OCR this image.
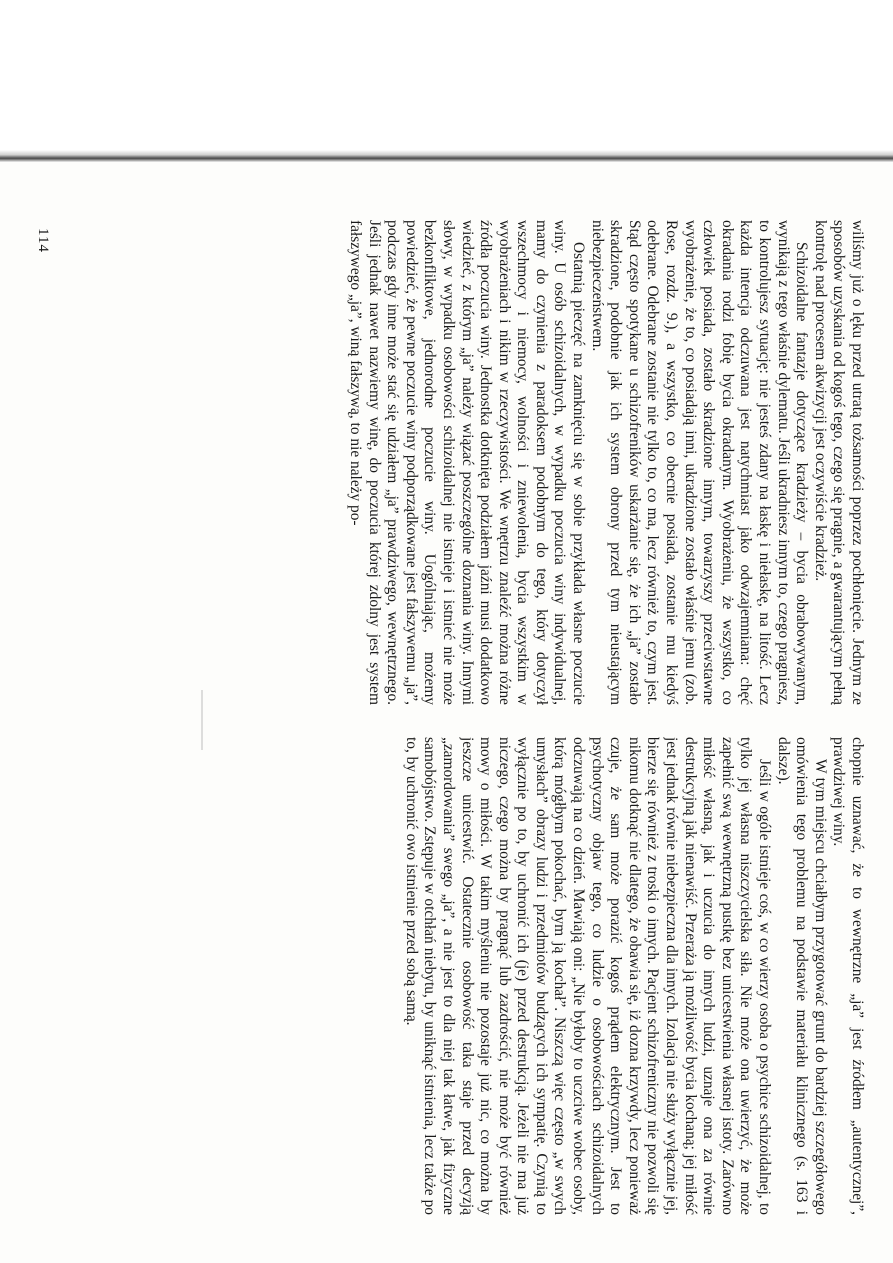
wiliśmy już o lęku przed utratą tożsamości poprzez pochłonięcie. Jednym ze sposobów uzyskania od kogoś tego, czego się pragnie, a gwarantującym pełną kontrolę nad procesem akwizycji jest oczywiście kradzież.

Schizoidalne fantazje dotyczące kradzieży – bycia obrabowywanym, wynikają z tego właśnie dylematu. Jeśli ukradniesz innym to, czego pragniesz, to kontrolujesz sytuację: nie jesteś zdany na łaskę i niełaskę, na litość. Lecz każda intencja odczuwana jest natychmiast jako odwzajemniana: chęć okradania rodzi fobię bycia okradanym. Wyobrażeniu, że wszystko, co człowiek posiada, zostało skradzione innym, towarzyszy przeciwstawne wyobrażenie, że to, co posiadają inni, ukradzione zostało właśnie jemu (zob. Rose, rozdz. 9.), a wszystko, co obecnie posiada, zostanie mu kiedyś odebrane. Odebrane zostanie nie tylko to, co ma, lecz również to, czym jest. Stąd często spotykane u schizofreników uskarżanie się, że ich „ja” zostało skradzione, podobnie jak ich system obrony przed tym nieustającym niebezpieczeństwem.

Ostatnią pieczęć na zamknięciu się w sobie przykłada własne poczucie winy. U osób schizoidalnych, w wypadku poczucia winy indywidualnej, mamy do czynienia z paradoksem podobnym do tego, który dotyczył wszechmocy i niemocy, wolności i zniewolenia, bycia wszystkim w wyobrażeniach i nikim w rzeczywistości. We wnętrzu znaleźć można różne źródła poczucia winy. Jednostka dotknięta podziałem jaźni musi dodatkowo wiedzieć, z którym „ja” należy wiązać poszczególne doznania winy. Innymi słowy, w wypadku osobowości schizoidalnej nie istnieje i istnieć nie może bezkonfliktowe, jednorodne poczucie winy. Uogólniając, możemy powiedzieć, że pewne poczucie winy podporządkowane jest fałszywemu „ja”, podczas gdy inne może stać się udziałem „ja” prawdziwego, wewnętrznego. Jeśli jednak nawet nazwiemy winę, do poczucia której zdolny jest system fałszywego „ja”, winą fałszywą, to nie należy po-

chopnie uznawać, że to wewnętrzne „ja” jest źródłem „autentycznej”, prawdziwej winy.

W tym miejscu chciałbym przygotować grunt do bardziej szczegółowego omówienia tego problemu na podstawie materiału klinicznego (s. 163 i dalsze).

Jeśli w ogóle istnieje coś, w co wierzy osoba o psychice schizoidalnej, to tylko jej własna niszczycielska siła. Nie może ona uwierzyć, że może zapełnić swą wewnętrzną pustkę bez unicestwienia własnej istoty. Zarówno miłość własną, jak i uczucia do innych ludzi, uznaje ona za równie destrukcyjną jak nienawiść. Przeraża ją możliwość bycia kochaną; jej miłość jest jednak równie niebezpieczna dla innych. Izolacja nie służy wyłącznie jej, bierze się również z troski o innych. Pacjent schizofreniczny nie pozwoli się nikomu dotknąć nie dlatego, że obawia się, iż dozna krzywdy, lecz ponieważ czuje, że sam może porazić kogoś prądem elektrycznym. Jest to psychotyczny objaw tego, co ludzie o osobowościach schizoidalnych odczuwają na co dzień. Mawiają oni: „Nie byłoby to uczciwe wobec osoby, którą mógłbym pokochać, bym ją kochał”. Niszczą więc często „w swych umysłach” obrazy ludzi i przedmiotów budzących ich sympatię. Czynią to wyłącznie po to, by uchronić ich (je) przed destrukcją. Jeżeli nie ma już niczego, czego można by pragnąć lub zazdrościć, nie może być również mowy o miłości. W takim myśleniu nie pozostaje już nic, co można by jeszcze unicestwić. Ostatecznie osobowość taka staje przed decyzją „zamordowania” swego „ja”, a nie jest to dla niej tak łatwe, jak fizyczne samobójstwo. Zstępuje w otchłań niebytu, by uniknąć istnienia, lecz także po to, by uchronić owo istnienie przed sobą samą.

114
